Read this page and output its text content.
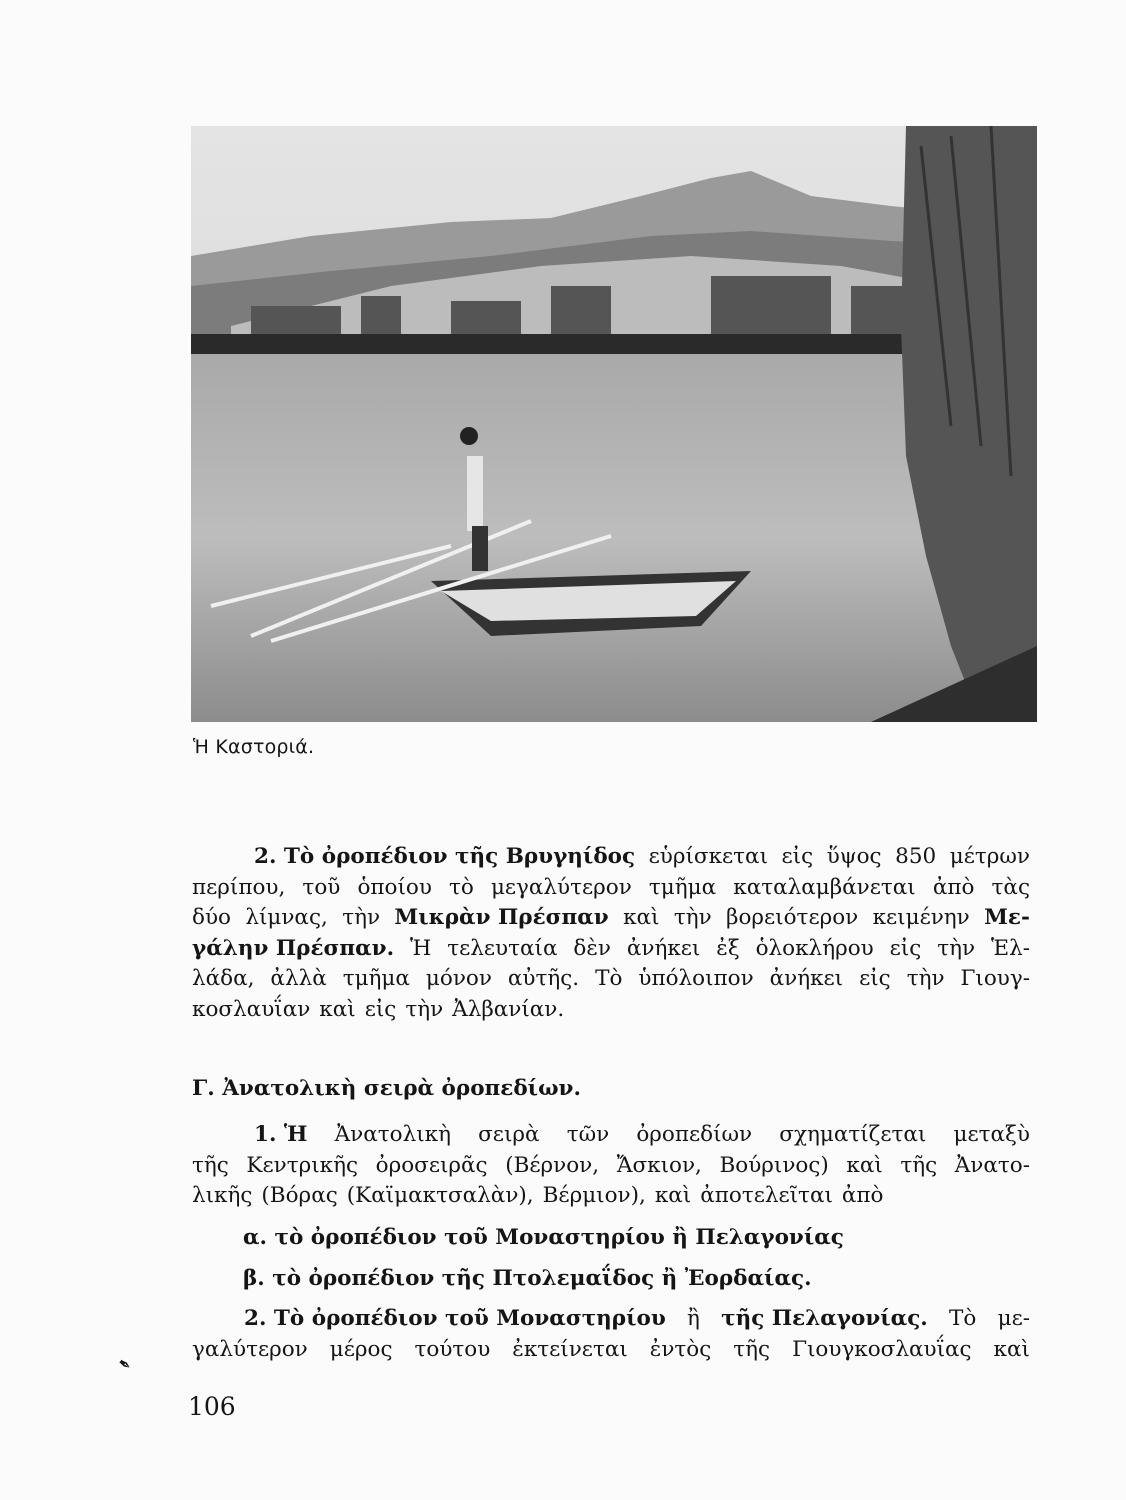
Ἡ Καστοριά.
2. Τὸ ὀροπέδιον τῆς Βρυγηίδος εὑρίσκεται εἰς ὕψος 850 μέτρων
περίπου, τοῦ ὁποίου τὸ μεγαλύτερον τμῆμα καταλαμβάνεται ἀπὸ τὰς
δύο λίμνας, τὴν Μικρὰν Πρέσπαν καὶ τὴν βορειότερον κειμένην Με-
γάλην Πρέσπαν. Ἡ τελευταία δὲν ἀνήκει ἐξ ὁλοκλήρου εἰς τὴν Ἑλ-
λάδα, ἀλλὰ τμῆμα μόνον αὐτῆς. Τὸ ὑπόλοιπον ἀνήκει εἰς τὴν Γιουγ-
κοσλαυΐαν καὶ εἰς τὴν Ἀλβανίαν.
Γ. Ἀνατολικὴ σειρὰ ὀροπεδίων.
1. Ἡ Ἀνατολικὴ σειρὰ τῶν ὀροπεδίων σχηματίζεται μεταξὺ
τῆς Κεντρικῆς ὀροσειρᾶς (Βέρνον, Ἄσκιον, Βούρινος) καὶ τῆς Ἀνατο-
λικῆς (Βόρας (Καϊμακτσαλὰν), Βέρμιον), καὶ ἀποτελεῖται ἀπὸ
α. τὸ ὀροπέδιον τοῦ Μοναστηρίου ἢ Πελαγονίας
β. τὸ ὀροπέδιον τῆς Πτολεμαΐδος ἢ Ἐορδαίας.
2. Τὸ ὀροπέδιον τοῦ Μοναστηρίου ἢ τῆς Πελαγονίας. Τὸ με-
γαλύτερον μέρος τούτου ἐκτείνεται ἐντὸς τῆς Γιουγκοσλαυΐας καὶ
✒
106
